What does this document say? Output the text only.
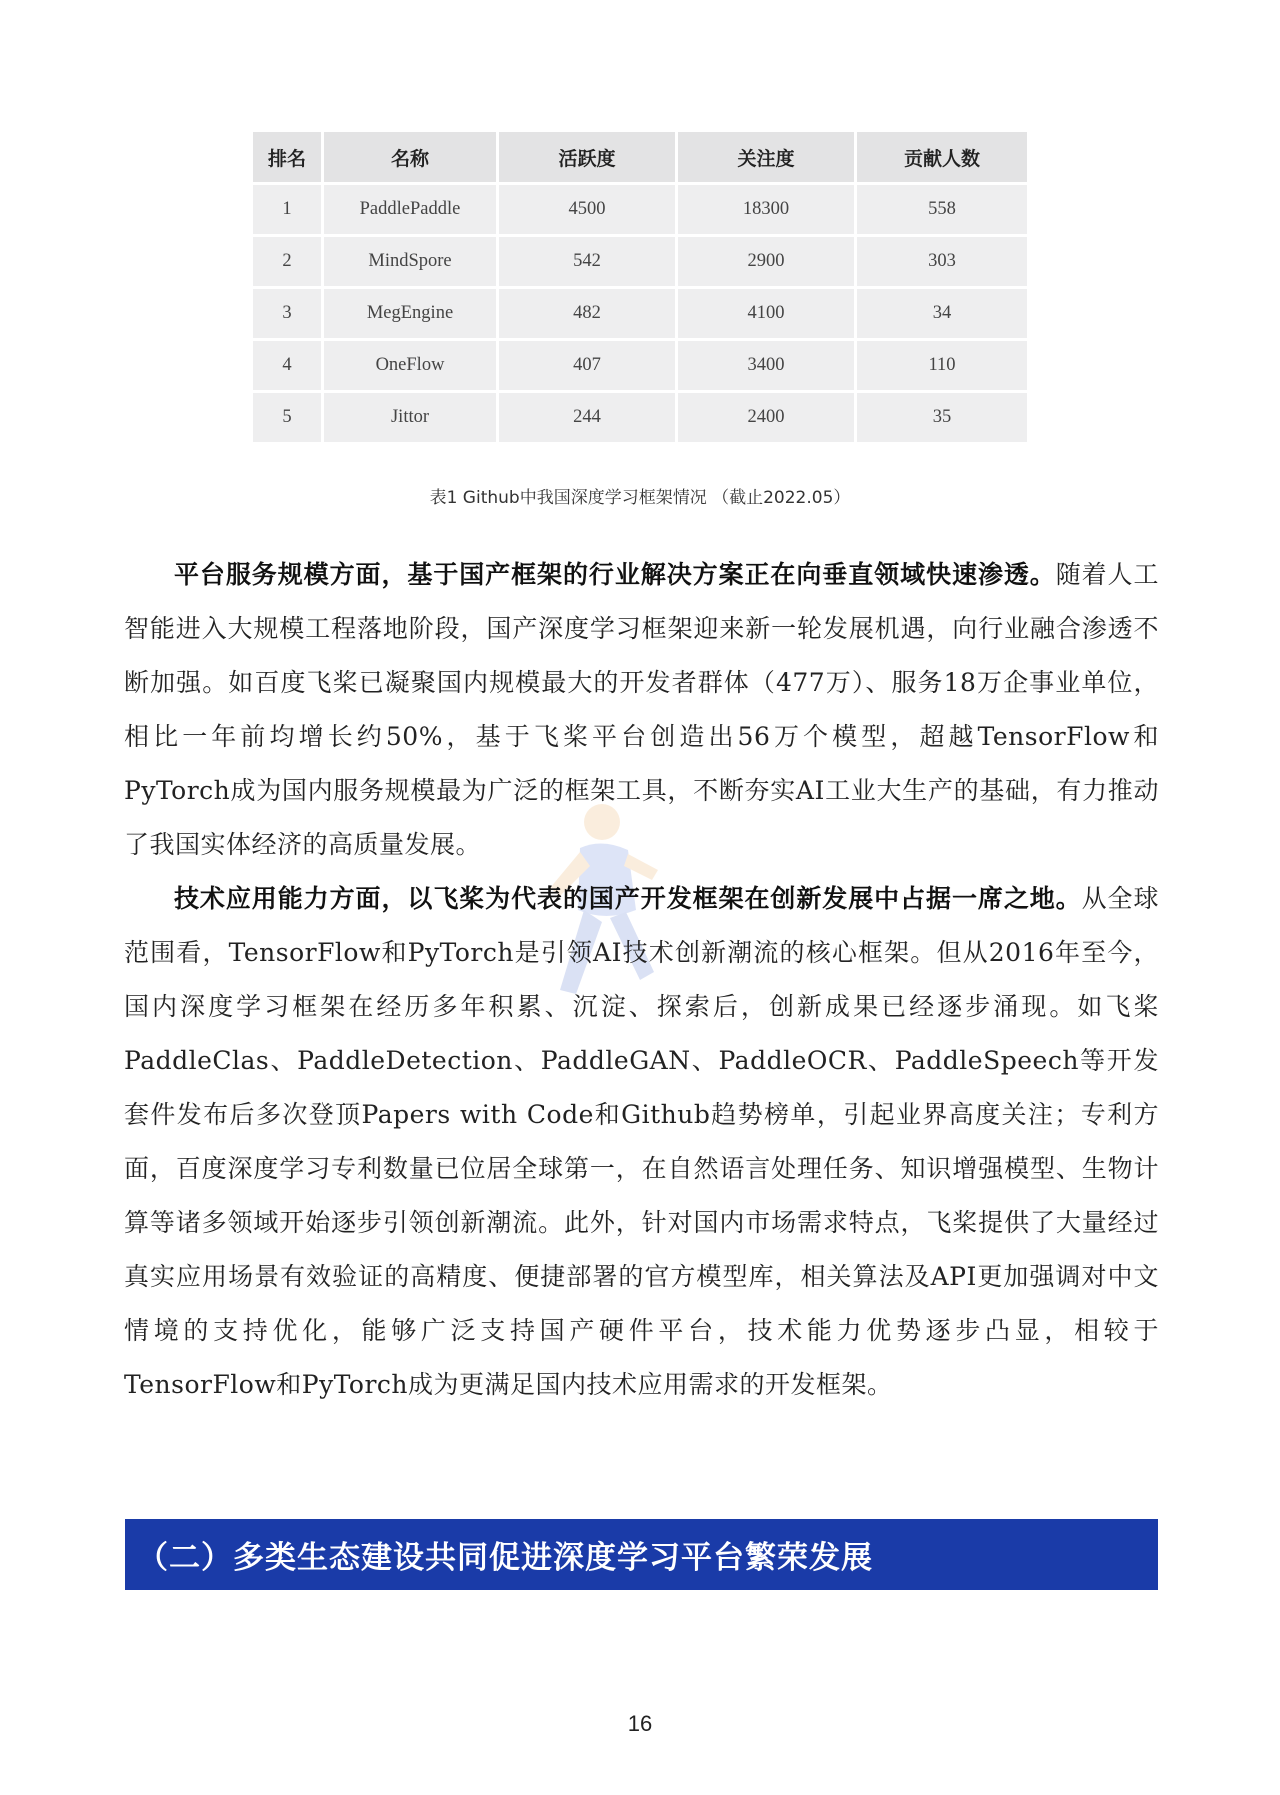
排名	名称	活跃度	关注度	贡献人数
1	PaddlePaddle	4500	18300	558
2	MindSpore	542	2900	303
3	MegEngine	482	4100	34
4	OneFlow	407	3400	110
5	Jittor	244	2400	35
表1 Github中我国深度学习框架情况 （截止2022.05）

平台服务规模方面，基于国产框架的行业解决方案正在向垂直领域快速渗透。随着人工智能进入大规模工程落地阶段，国产深度学习框架迎来新一轮发展机遇，向行业融合渗透不断加强。如百度飞桨已凝聚国内规模最大的开发者群体（477万）、服务18万企事业单位，相比一年前均增长约50%，基于飞桨平台创造出56万个模型，超越TensorFlow和PyTorch成为国内服务规模最为广泛的框架工具，不断夯实AI工业大生产的基础，有力推动了我国实体经济的高质量发展。

技术应用能力方面，以飞桨为代表的国产开发框架在创新发展中占据一席之地。从全球范围看，TensorFlow和PyTorch是引领AI技术创新潮流的核心框架。但从2016年至今，国内深度学习框架在经历多年积累、沉淀、探索后，创新成果已经逐步涌现。如飞桨PaddleClas、PaddleDetection、PaddleGAN、PaddleOCR、PaddleSpeech等开发套件发布后多次登顶Papers with Code和Github趋势榜单，引起业界高度关注；专利方面，百度深度学习专利数量已位居全球第一，在自然语言处理任务、知识增强模型、生物计算等诸多领域开始逐步引领创新潮流。此外，针对国内市场需求特点，飞桨提供了大量经过真实应用场景有效验证的高精度、便捷部署的官方模型库，相关算法及API更加强调对中文情境的支持优化，能够广泛支持国产硬件平台，技术能力优势逐步凸显，相较于TensorFlow和PyTorch成为更满足国内技术应用需求的开发框架。

（二）多类生态建设共同促进深度学习平台繁荣发展
16
